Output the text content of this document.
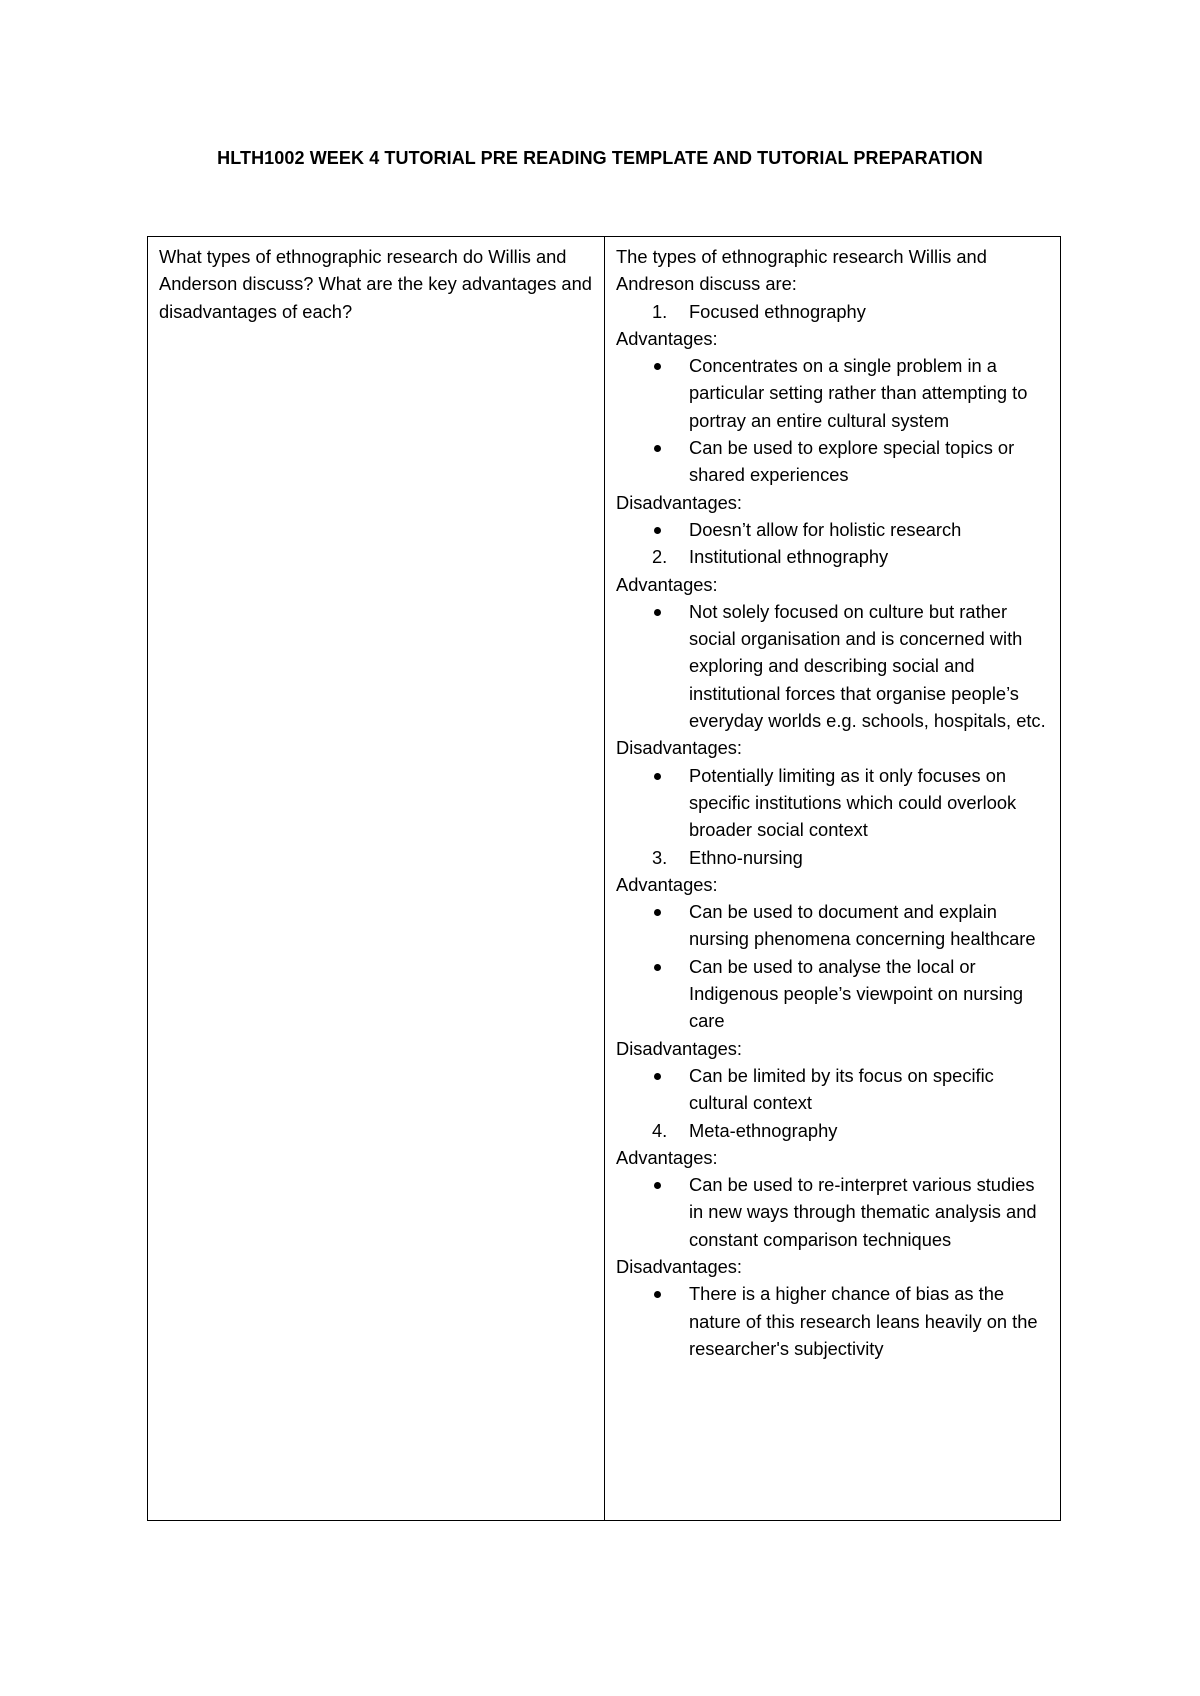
HLTH1002 WEEK 4 TUTORIAL PRE READING TEMPLATE AND TUTORIAL PREPARATION
What types of ethnographic research do Willis and Anderson discuss? What are the key advantages and disadvantages of each?
The types of ethnographic research Willis and Andreson discuss are:
1. Focused ethnography
Advantages:
Concentrates on a single problem in a particular setting rather than attempting to portray an entire cultural system
Can be used to explore special topics or shared experiences
Disadvantages:
Doesn’t allow for holistic research
2. Institutional ethnography
Advantages:
Not solely focused on culture but rather social organisation and is concerned with exploring and describing social and institutional forces that organise people’s everyday worlds e.g. schools, hospitals, etc.
Disadvantages:
Potentially limiting as it only focuses on specific institutions which could overlook broader social context
3. Ethno-nursing
Advantages:
Can be used to document and explain nursing phenomena concerning healthcare
Can be used to analyse the local or Indigenous people’s viewpoint on nursing care
Disadvantages:
Can be limited by its focus on specific cultural context
4. Meta-ethnography
Advantages:
Can be used to re-interpret various studies in new ways through thematic analysis and constant comparison techniques
Disadvantages:
There is a higher chance of bias as the nature of this research leans heavily on the researcher's subjectivity
